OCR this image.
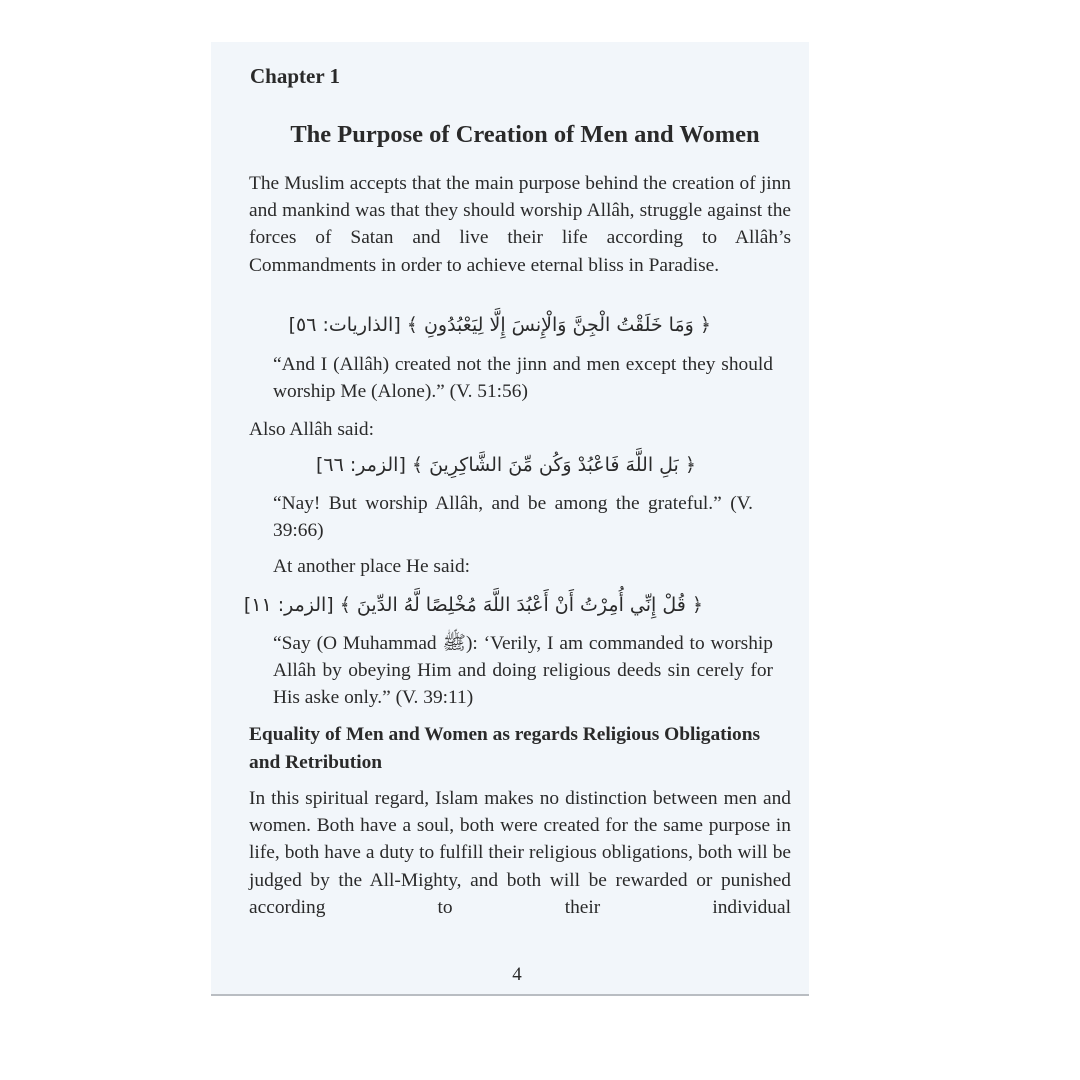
Chapter 1
The Purpose of Creation of Men and Women
The Muslim accepts that the main purpose behind the creation of jinn and mankind was that they should worship Allâh, struggle against the forces of Satan and live their life according to Allâh’s Commandments in order to achieve eternal bliss in Paradise.
﴿ وَمَا خَلَقْتُ الْجِنَّ وَالْإِنسَ إِلَّا لِيَعْبُدُونِ ﴾ [الذاريات: ٥٦]
“And I (Allâh) created not the jinn and men except they should worship Me (Alone).” (V. 51:56)
Also Allâh said:
﴿ بَلِ اللَّهَ فَاعْبُدْ وَكُن مِّنَ الشَّاكِرِينَ ﴾ [الزمر: ٦٦]
“Nay! But worship Allâh, and be among the grateful.” (V. 39:66)
At another place He said:
﴿ قُلْ إِنِّي أُمِرْتُ أَنْ أَعْبُدَ اللَّهَ مُخْلِصًا لَّهُ الدِّينَ ﴾ [الزمر: ١١]
“Say (O Muhammad ﷺ): ‘Verily, I am commanded to worship Allâh by obeying Him and doing religious deeds sin cerely for His aske only.” (V. 39:11)
Equality of Men and Women as regards Religious Obligations and Retribution
In this spiritual regard, Islam makes no distinction between men and women. Both have a soul, both were created for the same purpose in life, both have a duty to fulfill their religious obligations, both will be judged by the All-Mighty, and both will be rewarded or punished according to their individual
4
